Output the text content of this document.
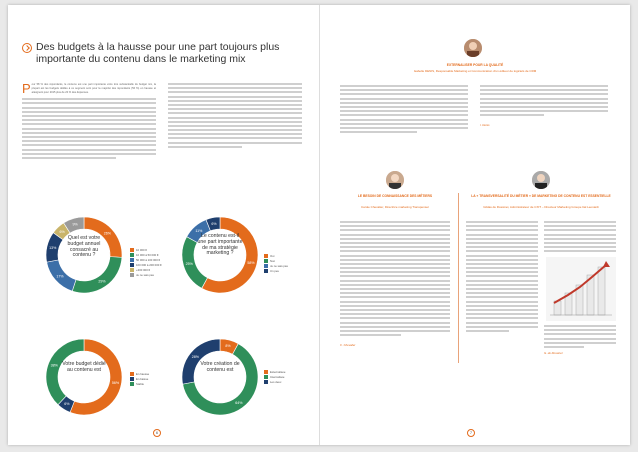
Des budgets à la hausse pour une part toujours plus importante du contenu dans le marketing mix
P our 58 % des répondants, le contenu est une part importante voire très substantielle du budget mix, la plupart est les budgets dédiés à ce segment sont pour la majorité des répondants (56 %) en hausse et atteignent pour 2015 plus de 20 % des dépenses.
26%
29%
17%
13%
6%
9%
Quel est votre budget annuel consacré au contenu ?
10 000 €
10 000 à 50 000 €
50 000 à 100 000 €
100 000 à 200 000 €
+200 000 €
Je ne sais pas
58%
25%
11%
6%
Le contenu est-il une part importante de ma stratégie marketing ?	Oui
Non
Je ne sais pas
Un peu
56%
6%
38% Votre budget dédié au contenu est
En hausse
En baisse
Stable
8%
64%
28%
Votre création de contenu est	Externalisée
Internalisée
Les deux
6
EXTERNALISER POUR LA QUALITÉ
Isabelle DENIS, Responsable Marketing et Communication d'un éditeur de logiciels de CRM
I. Denis
LE BESOIN DE CONNAISSANCE DES MÉTIERS
Carole Chevalier, Directrice marketing Transpenser
C. Chevalier
LA « TRANSVERSALITÉ DU MÉTIER » DE MARKETING DE CONTENU EST ESSENTIELLE
Gildas de Rossinet, Administrateur de CXIT – Directeur Marketing Groupe Ital Leonardi
G. de Rossinet
7
